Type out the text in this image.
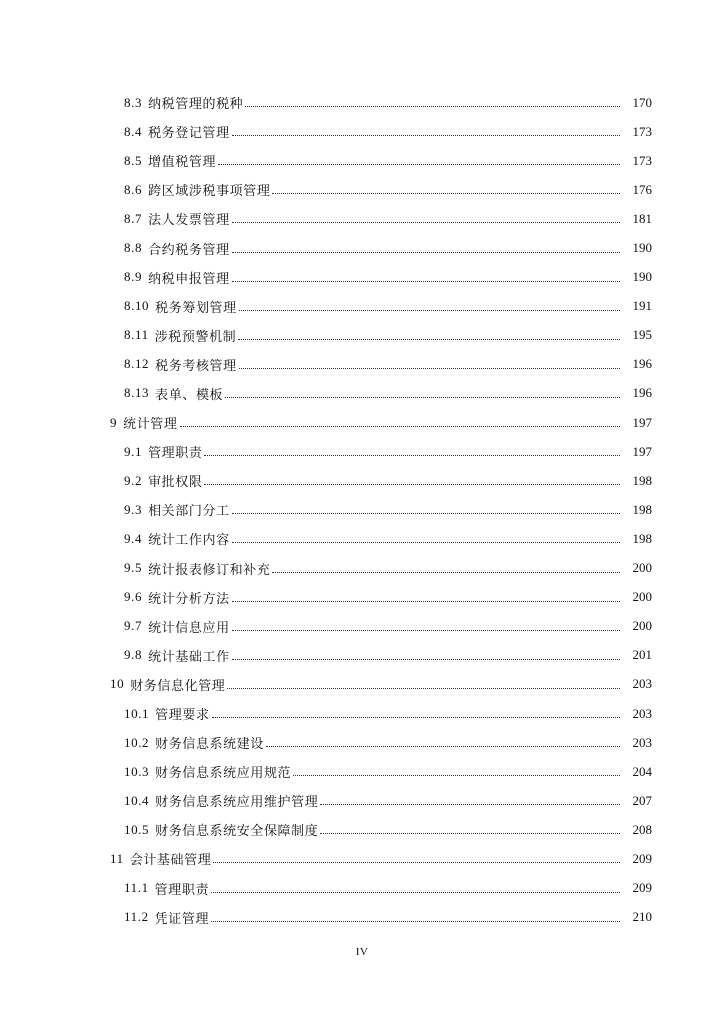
8.3 纳税管理的税种	170
8.4 税务登记管理	173
8.5 增值税管理	173
8.6 跨区域涉税事项管理	176
8.7 法人发票管理	181
8.8 合约税务管理	190
8.9 纳税申报管理	190
8.10 税务筹划管理	191
8.11 涉税预警机制	195
8.12 税务考核管理	196
8.13 表单、模板	196
9 统计管理	197
9.1 管理职责	197
9.2 审批权限	198
9.3 相关部门分工	198
9.4 统计工作内容	198
9.5 统计报表修订和补充	200
9.6 统计分析方法	200
9.7 统计信息应用	200
9.8 统计基础工作	201
10 财务信息化管理	203
10.1 管理要求	203
10.2 财务信息系统建设	203
10.3 财务信息系统应用规范	204
10.4 财务信息系统应用维护管理	207
10.5 财务信息系统安全保障制度	208
11 会计基础管理	209
11.1 管理职责	209
11.2 凭证管理	210
IV
